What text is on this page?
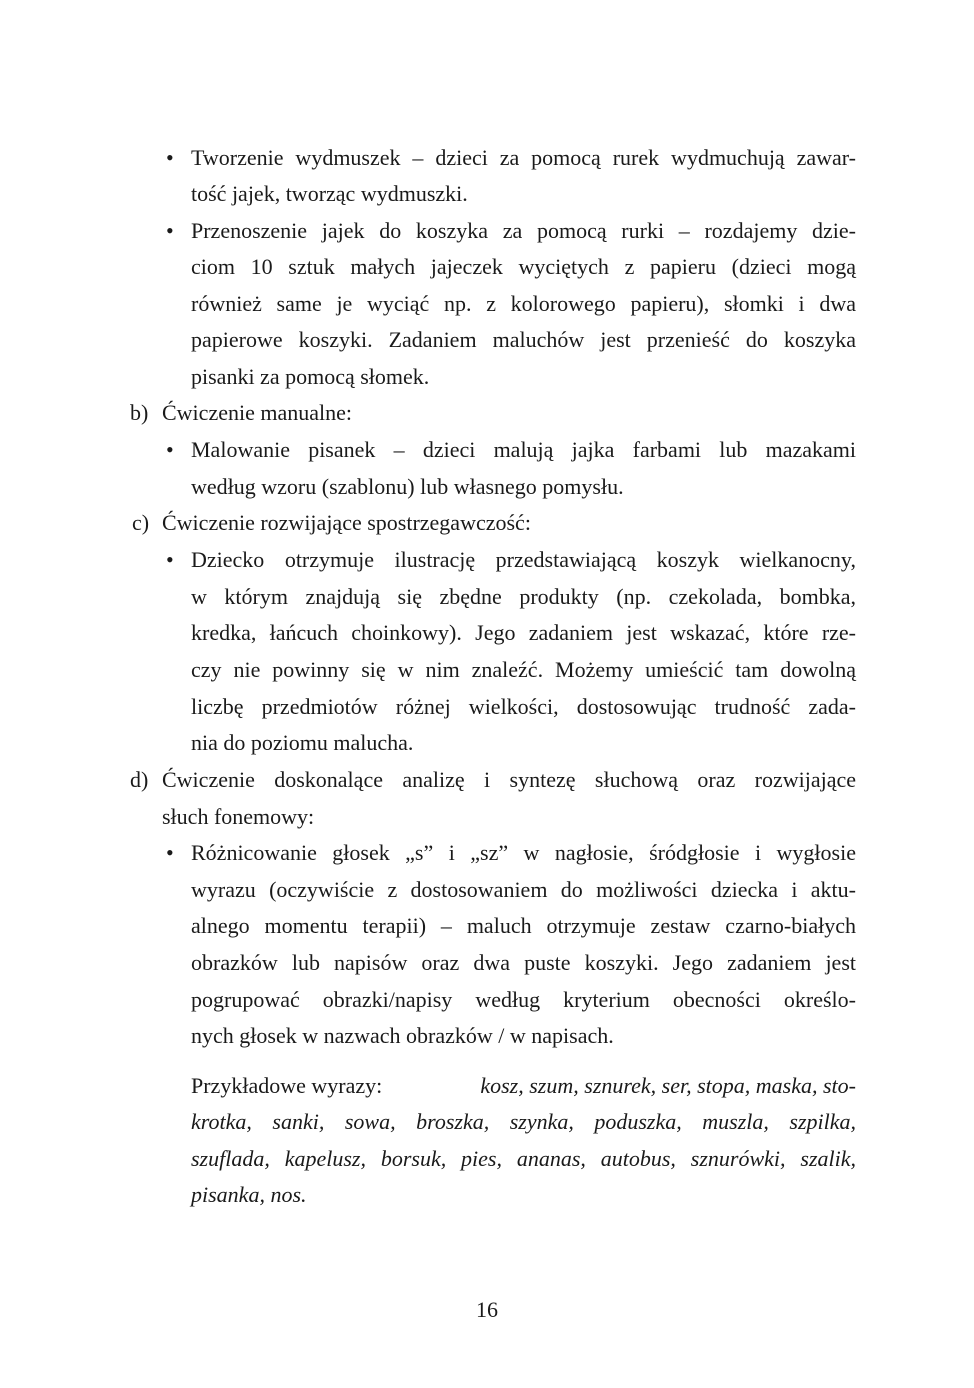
• Tworzenie wydmuszek – dzieci za pomocą rurek wydmuchują zawar-
tość jajek, tworząc wydmuszki.
• Przenoszenie jajek do koszyka za pomocą rurki – rozdajemy dzie-
ciom 10 sztuk małych jajeczek wyciętych z papieru (dzieci mogą
również same je wyciąć np. z kolorowego papieru), słomki i dwa
papierowe koszyki. Zadaniem maluchów jest przenieść do koszyka
pisanki za pomocą słomek.
b) Ćwiczenie manualne:
• Malowanie pisanek – dzieci malują jajka farbami lub mazakami
według wzoru (szablonu) lub własnego pomysłu.
c) Ćwiczenie rozwijające spostrzegawczość:
• Dziecko otrzymuje ilustrację przedstawiającą koszyk wielkanocny,
w którym znajdują się zbędne produkty (np. czekolada, bombka,
kredka, łańcuch choinkowy). Jego zadaniem jest wskazać, które rze-
czy nie powinny się w nim znaleźć. Możemy umieścić tam dowolną
liczbę przedmiotów różnej wielkości, dostosowując trudność zada-
nia do poziomu malucha.
d) Ćwiczenie doskonalące analizę i syntezę słuchową oraz rozwijające
słuch fonemowy:
• Różnicowanie głosek „s” i „sz” w nagłosie, śródgłosie i wygłosie
wyrazu (oczywiście z dostosowaniem do możliwości dziecka i aktu-
alnego momentu terapii) – maluch otrzymuje zestaw czarno-białych
obrazków lub napisów oraz dwa puste koszyki. Jego zadaniem jest
pogrupować obrazki/napisy według kryterium obecności określo-
nych głosek w nazwach obrazków / w napisach.
Przykładowe wyrazy:	kosz, szum, sznurek, ser, stopa, maska, sto-
krotka, sanki, sowa, broszka, szynka, poduszka, muszla, szpilka,
szuflada, kapelusz, borsuk, pies, ananas, autobus, sznurówki, szalik,
pisanka, nos.
16
